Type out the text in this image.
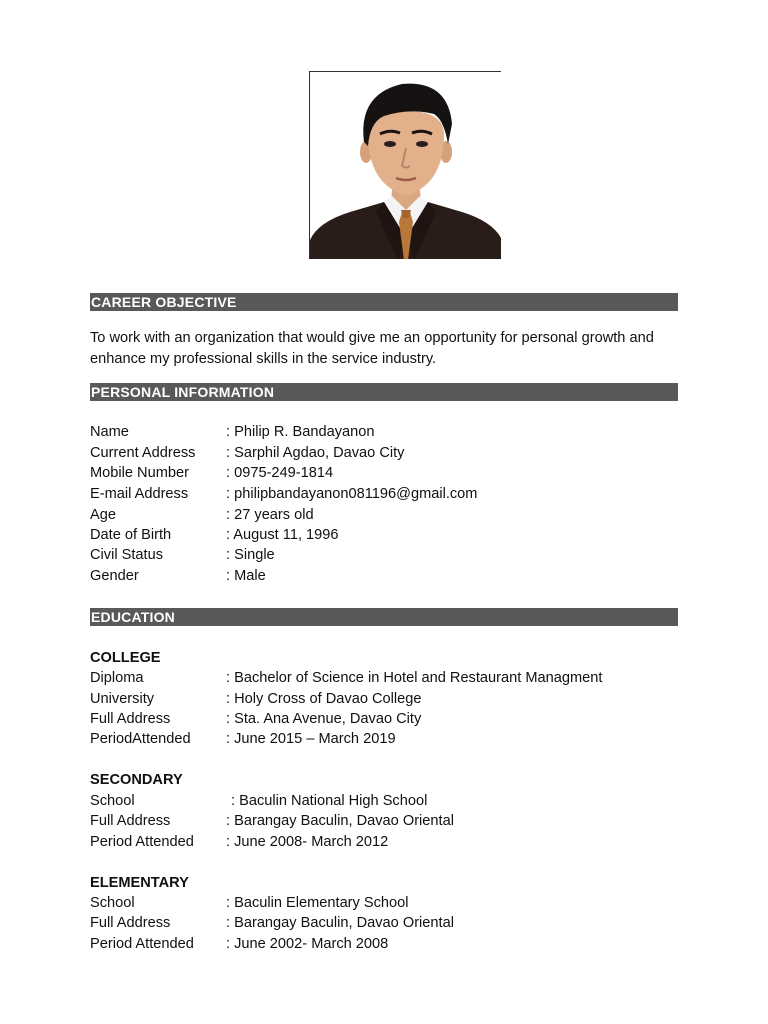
CAREER OBJECTIVE
To work with an organization that would give me an opportunity for personal growth and
enhance my professional skills in the service industry.
PERSONAL INFORMATION
Name	: Philip R. Bandayanon
Current Address : Sarphil Agdao, Davao City
Mobile Number	: 0975-249-1814
E-mail Address	: philipbandayanon081196@gmail.com
Age	: 27 years old
Date of Birth	: August 11, 1996
Civil Status	: Single
Gender	: Male
EDUCATION
COLLEGE
Diploma	: Bachelor of Science in Hotel and Restaurant Managment
University	: Holy Cross of Davao College
Full Address	: Sta. Ana Avenue, Davao City
PeriodAttended : June 2015 – March 2019
SECONDARY
School	: Baculin National High School
Full Address	: Barangay Baculin, Davao Oriental
Period Attended : June 2008- March 2012
ELEMENTARY
School	: Baculin Elementary School
Full Address	: Barangay Baculin, Davao Oriental
Period Attended : June 2002- March 2008
